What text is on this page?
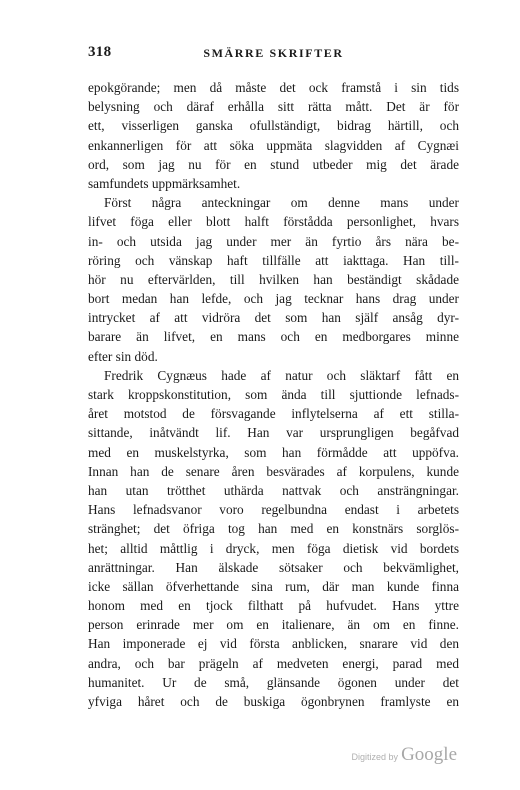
318	SMÄRRE SKRIFTER
epokgörande; men då måste det ock framstå i sin tids
belysning och däraf erhålla sitt rätta mått. Det är för
ett, visserligen ganska ofullständigt, bidrag härtill, och
enkannerligen för att söka uppmäta slagvidden af Cygnæi
ord, som jag nu för en stund utbeder mig det ärade
samfundets uppmärksamhet.
Först några anteckningar om denne mans under
lifvet föga eller blott halft förstådda personlighet, hvars
in- och utsida jag under mer än fyrtio års nära be-
röring och vänskap haft tillfälle att iakttaga. Han till-
hör nu eftervärlden, till hvilken han beständigt skådade
bort medan han lefde, och jag tecknar hans drag under
intrycket af att vidröra det som han själf ansåg dyr-
barare än lifvet, en mans och en medborgares minne
efter sin död.
Fredrik Cygnæus hade af natur och släktarf fått en
stark kroppskonstitution, som ända till sjuttionde lefnads-
året motstod de försvagande inflytelserna af ett stilla-
sittande, inåtvändt lif. Han var ursprungligen begåfvad
med en muskelstyrka, som han förmådde att uppöfva.
Innan han de senare åren besvärades af korpulens, kunde
han utan trötthet uthärda nattvak och ansträngningar.
Hans lefnadsvanor voro regelbundna endast i arbetets
stränghet; det öfriga tog han med en konstnärs sorglös-
het; alltid måttlig i dryck, men föga dietisk vid bordets
anrättningar. Han älskade sötsaker och bekvämlighet,
icke sällan öfverhettande sina rum, där man kunde finna
honom med en tjock filthatt på hufvudet. Hans yttre
person erinrade mer om en italienare, än om en finne.
Han imponerade ej vid första anblicken, snarare vid den
andra, och bar prägeln af medveten energi, parad med
humanitet. Ur de små, glänsande ögonen under det
yfviga håret och de buskiga ögonbrynen framlyste en
Digitized by Google
